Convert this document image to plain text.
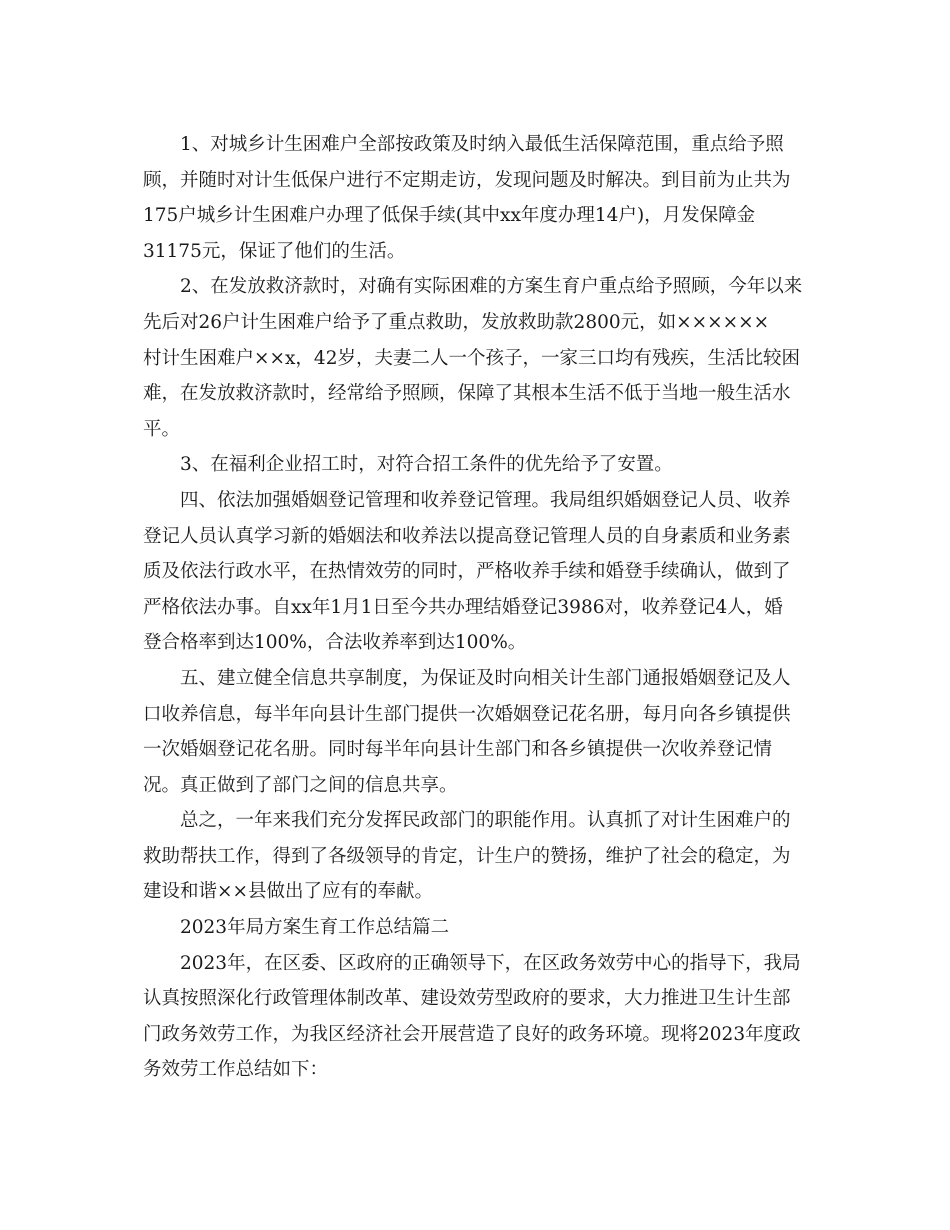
1、对城乡计生困难户全部按政策及时纳入最低生活保障范围，重点给予照
顾，并随时对计生低保户进行不定期走访，发现问题及时解决。到目前为止共为
175户城乡计生困难户办理了低保手续(其中xx年度办理14户)，月发保障金
31175元，保证了他们的生活。
2、在发放救济款时，对确有实际困难的方案生育户重点给予照顾，今年以来
先后对26户计生困难户给予了重点救助，发放救助款2800元，如××××××
村计生困难户××x，42岁，夫妻二人一个孩子，一家三口均有残疾，生活比较困
难，在发放救济款时，经常给予照顾，保障了其根本生活不低于当地一般生活水
平。
3、在福利企业招工时，对符合招工条件的优先给予了安置。
四、依法加强婚姻登记管理和收养登记管理。我局组织婚姻登记人员、收养
登记人员认真学习新的婚姻法和收养法以提高登记管理人员的自身素质和业务素
质及依法行政水平，在热情效劳的同时，严格收养手续和婚登手续确认，做到了
严格依法办事。自xx年1月1日至今共办理结婚登记3986对，收养登记4人，婚
登合格率到达100%，合法收养率到达100%。
五、建立健全信息共享制度，为保证及时向相关计生部门通报婚姻登记及人
口收养信息，每半年向县计生部门提供一次婚姻登记花名册，每月向各乡镇提供
一次婚姻登记花名册。同时每半年向县计生部门和各乡镇提供一次收养登记情
况。真正做到了部门之间的信息共享。
总之，一年来我们充分发挥民政部门的职能作用。认真抓了对计生困难户的
救助帮扶工作，得到了各级领导的肯定，计生户的赞扬，维护了社会的稳定，为
建设和谐××县做出了应有的奉献。
2023年局方案生育工作总结篇二
2023年，在区委、区政府的正确领导下，在区政务效劳中心的指导下，我局
认真按照深化行政管理体制改革、建设效劳型政府的要求，大力推进卫生计生部
门政务效劳工作，为我区经济社会开展营造了良好的政务环境。现将2023年度政
务效劳工作总结如下：
